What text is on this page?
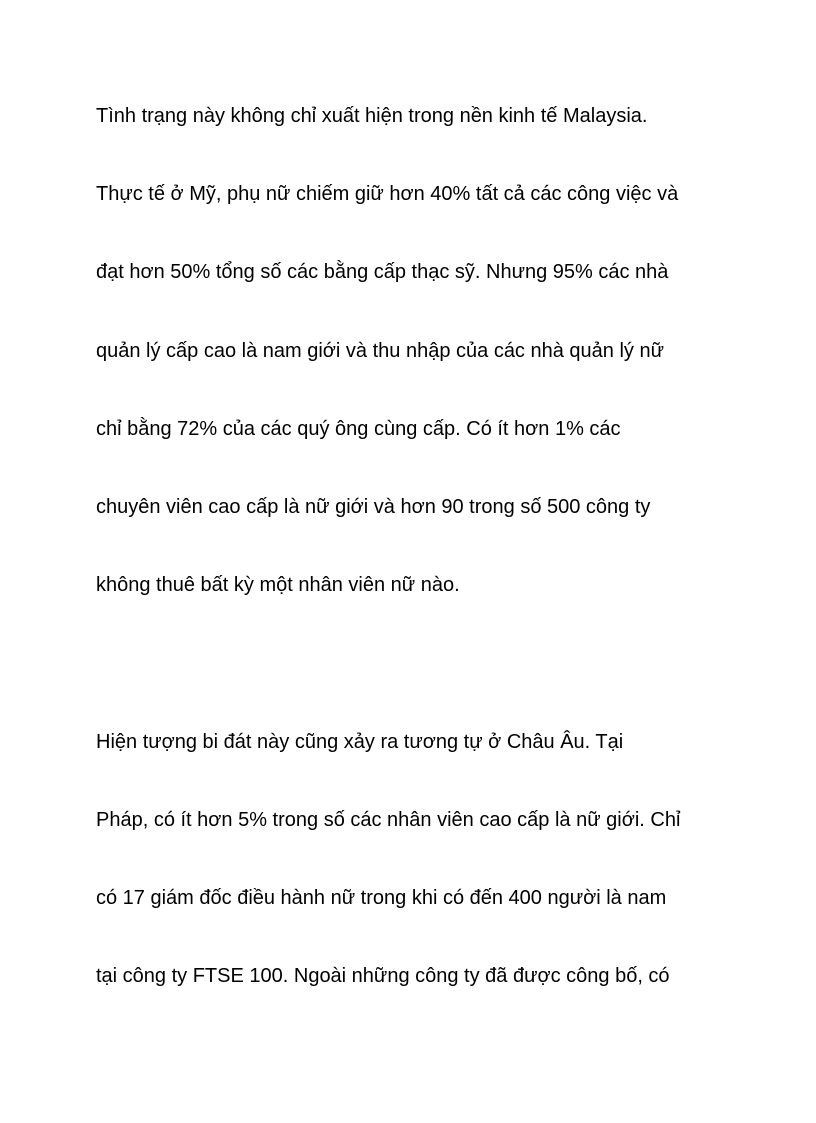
Tình trạng này không chỉ xuất hiện trong nền kinh tế Malaysia.
Thực tế ở Mỹ, phụ nữ chiếm giữ hơn 40% tất cả các công việc và
đạt hơn 50% tổng số các bằng cấp thạc sỹ. Nhưng 95% các nhà
quản lý cấp cao là nam giới và thu nhập của các nhà quản lý nữ
chỉ bằng 72% của các quý ông cùng cấp. Có ít hơn 1% các
chuyên viên cao cấp là nữ giới và hơn 90 trong số 500 công ty
không thuê bất kỳ một nhân viên nữ nào.
Hiện tượng bi đát này cũng xảy ra tương tự ở Châu Âu. Tại
Pháp, có ít hơn 5% trong số các nhân viên cao cấp là nữ giới. Chỉ
có 17 giám đốc điều hành nữ trong khi có đến 400 người là nam
tại công ty FTSE 100. Ngoài những công ty đã được công bố, có
